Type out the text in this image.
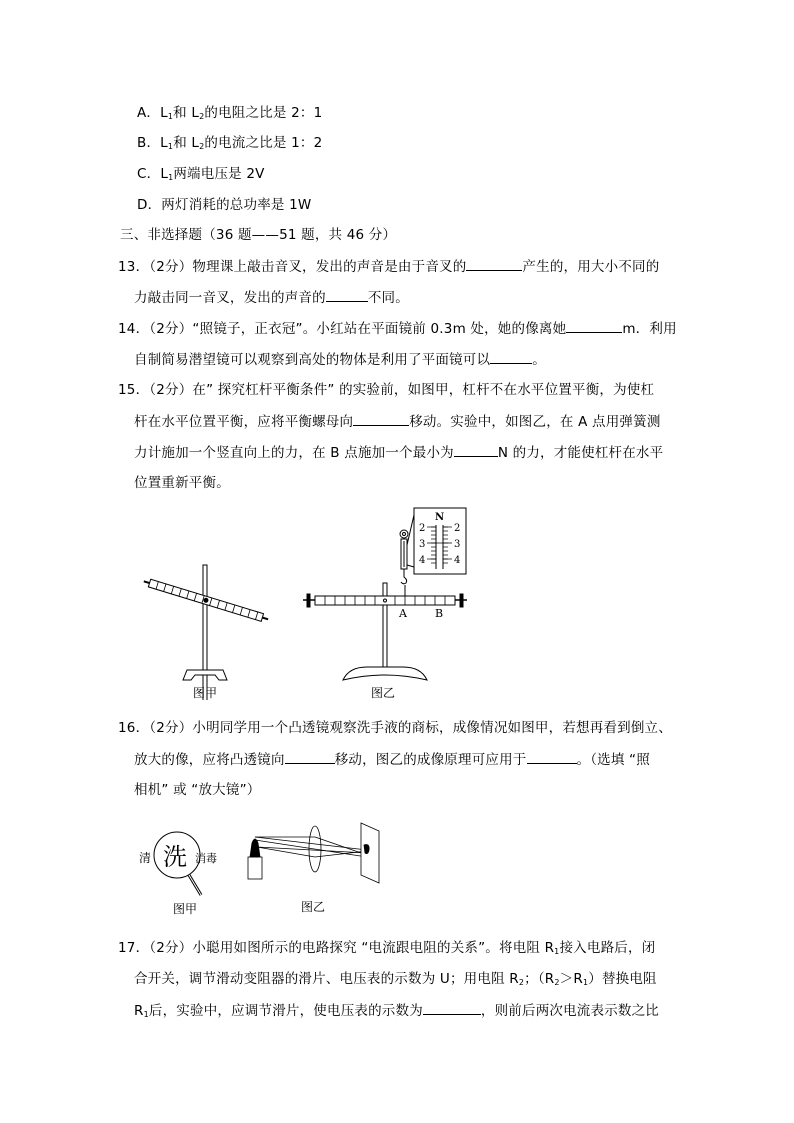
A．$L_1$和 $L_2$的电阻之比是 2：1
B．$L_1$和 $L_2$的电流之比是 1：2
C．$L_1$两端电压是 2V
D．两灯消耗的总功率是 1W
三、非选择题（36 题——51 题，共 46 分）
13．（2分）物理课上敲击音叉，发出的声音是由于音叉的	产生的，用大小不同的
力敲击同一音叉，发出的声音的	不同。
14．（2分）“照镜子，正衣冠”。小红站在平面镜前 0.3m 处，她的像离她	m．利用
自制简易潜望镜可以观察到高处的物体是利用了平面镜可以	。
15．（2分）在” 探究杠杆平衡条件” 的实验前，如图甲，杠杆不在水平位置平衡，为使杠
杆在水平位置平衡，应将平衡螺母向	移动。实验中，如图乙，在 A 点用弹簧测
力计施加一个竖直向上的力，在 B 点施加一个最小为	N 的力，才能使杠杆在水平
位置重新平衡。
图甲
N
2
3
4
2
3
4
A	B
图乙
16．（2分）小明同学用一个凸透镜观察洗手液的商标，成像情况如图甲，若想再看到倒立、
放大的像，应将凸透镜向	移动，图乙的成像原理可应用于	。（选填 “照
相机” 或 “放大镜”）
清 洗 消毒
图甲	图乙
17．（2分）小聪用如图所示的电路探究 “电流跟电阻的关系”。将电阻 $R_1$接入电路后，闭
合开关，调节滑动变阻器的滑片、电压表的示数为 U；用电阻 $R_2$；$(R_2>R_1)$替换电阻
$R_1$后，实验中，应调节滑片，使电压表的示数为	，则前后两次电流表示数之比
